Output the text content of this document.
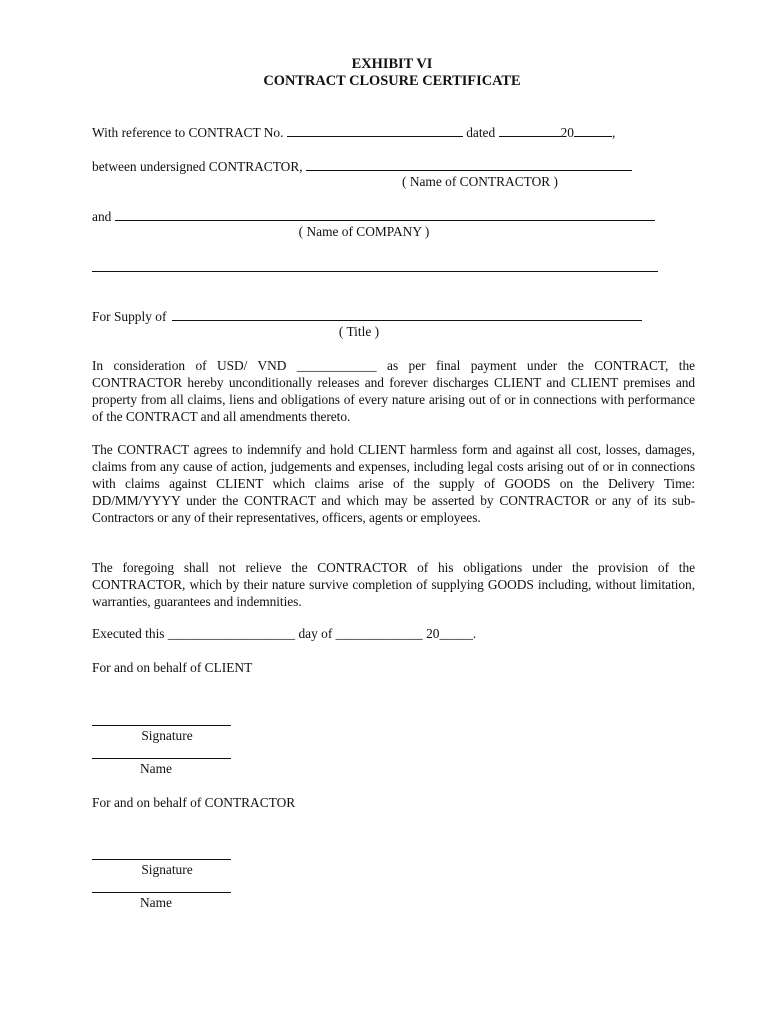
EXHIBIT VI
CONTRACT CLOSURE CERTIFICATE
With reference to CONTRACT No.	dated	20	,
between undersigned CONTRACTOR,
( Name of CONTRACTOR )
and
( Name of COMPANY )
For Supply of
( Title )

In consideration of USD/ VND ____________ as per final payment under the CONTRACT, the CONTRACTOR hereby unconditionally releases and forever discharges CLIENT and CLIENT premises and property from all claims, liens and obligations of every nature arising out of or in connections with performance of the CONTRACT and all amendments thereto.

The CONTRACT agrees to indemnify and hold CLIENT harmless form and against all cost, losses, damages, claims from any cause of action, judgements and expenses, including legal costs arising out of or in connections with claims against CLIENT which claims arise of the supply of GOODS on the Delivery Time: DD/MM/YYYY under the CONTRACT and which may be asserted by CONTRACTOR or any of its sub-Contractors or any of their representatives, officers, agents or employees.

The foregoing shall not relieve the CONTRACTOR of his obligations under the provision of the CONTRACTOR, which by their nature survive completion of supplying GOODS including, without limitation, warranties, guarantees and indemnities.

Executed this ___________________ day of _____________ 20_____.
For and on behalf of CLIENT
Signature
Name
For and on behalf of CONTRACTOR
Signature
Name
